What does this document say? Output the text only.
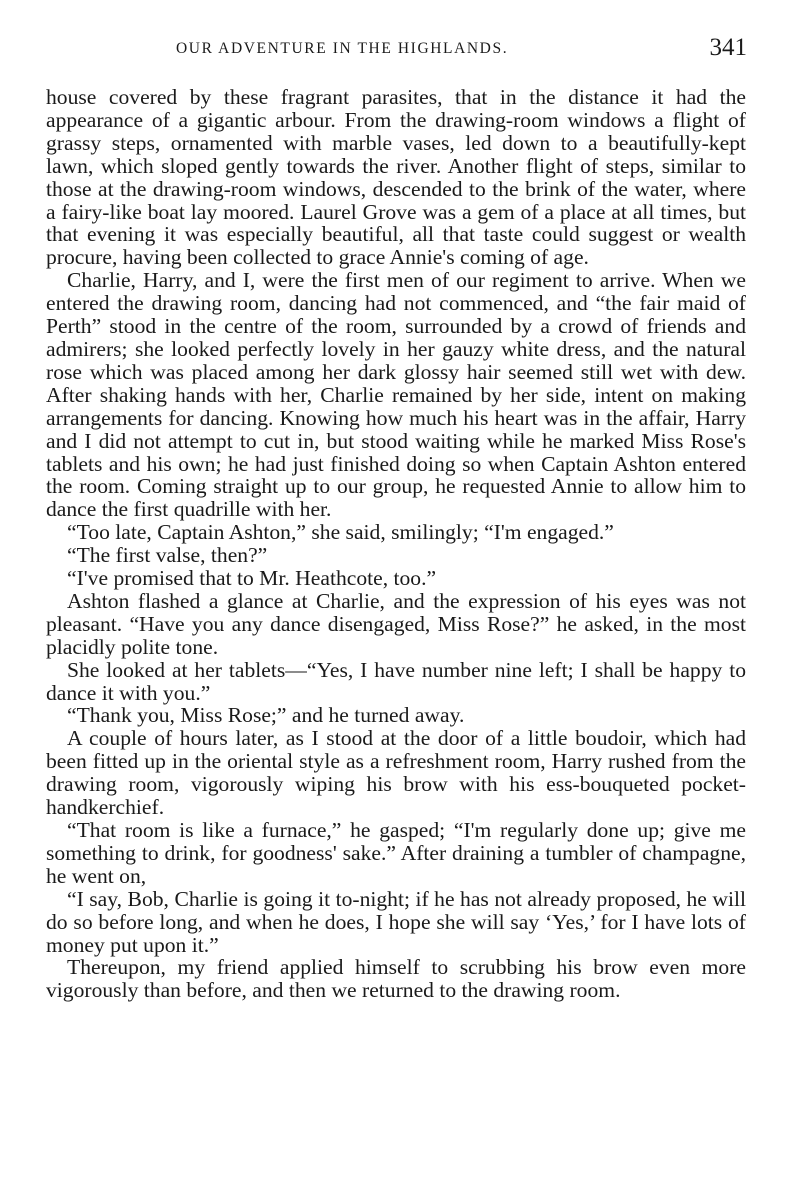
OUR ADVENTURE IN THE HIGHLANDS.	341

house covered by these fragrant parasites, that in the distance it had the appearance of a gigantic arbour. From the drawing-room windows a flight of grassy steps, ornamented with marble vases, led down to a beautifully-kept lawn, which sloped gently towards the river. Another flight of steps, similar to those at the drawing-room windows, descended to the brink of the water, where a fairy-like boat lay moored. Laurel Grove was a gem of a place at all times, but that evening it was especially beautiful, all that taste could suggest or wealth procure, having been collected to grace Annie's coming of age.

Charlie, Harry, and I, were the first men of our regiment to arrive. When we entered the drawing room, dancing had not commenced, and “the fair maid of Perth” stood in the centre of the room, surrounded by a crowd of friends and admirers; she looked perfectly lovely in her gauzy white dress, and the natural rose which was placed among her dark glossy hair seemed still wet with dew. After shaking hands with her, Charlie remained by her side, intent on making arrangements for dancing. Knowing how much his heart was in the affair, Harry and I did not attempt to cut in, but stood waiting while he marked Miss Rose's tablets and his own; he had just finished doing so when Captain Ashton entered the room. Coming straight up to our group, he requested Annie to allow him to dance the first quadrille with her.

“Too late, Captain Ashton,” she said, smilingly; “I'm engaged.”

“The first valse, then?”

“I've promised that to Mr. Heathcote, too.”

Ashton flashed a glance at Charlie, and the expression of his eyes was not pleasant. “Have you any dance disengaged, Miss Rose?” he asked, in the most placidly polite tone.

She looked at her tablets—“Yes, I have number nine left; I shall be happy to dance it with you.”

“Thank you, Miss Rose;” and he turned away.

A couple of hours later, as I stood at the door of a little boudoir, which had been fitted up in the oriental style as a refreshment room, Harry rushed from the drawing room, vigorously wiping his brow with his ess-bouqueted pocket-handkerchief.

“That room is like a furnace,” he gasped; “I'm regularly done up; give me something to drink, for goodness' sake.” After draining a tumbler of champagne, he went on,

“I say, Bob, Charlie is going it to-night; if he has not already proposed, he will do so before long, and when he does, I hope she will say ‘Yes,’ for I have lots of money put upon it.”

Thereupon, my friend applied himself to scrubbing his brow even more vigorously than before, and then we returned to the drawing room.
